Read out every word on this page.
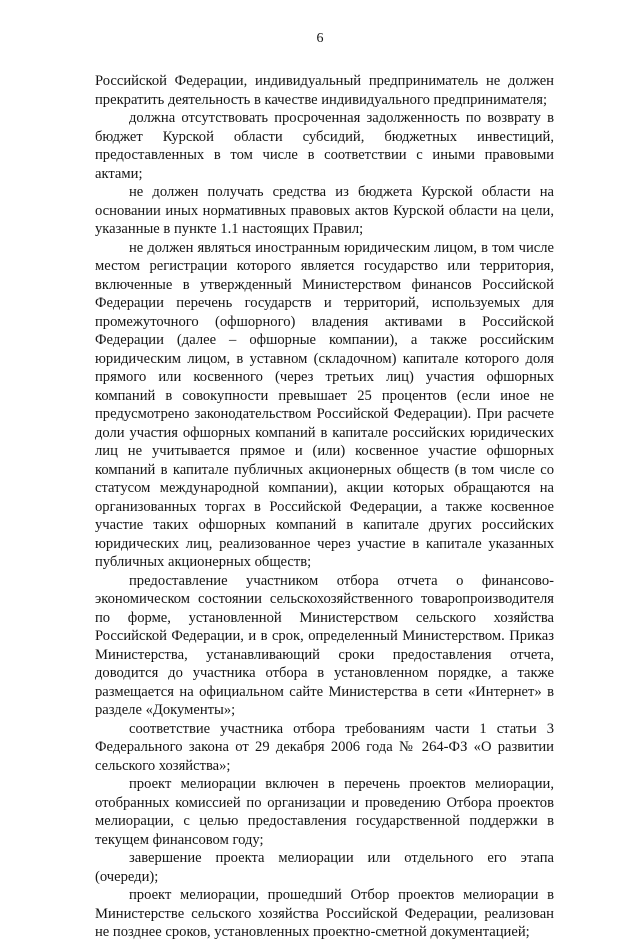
6

Российской Федерации, индивидуальный предприниматель не должен прекратить деятельность в качестве индивидуального предпринимателя;

должна отсутствовать просроченная задолженность по возврату в бюджет Курской области субсидий, бюджетных инвестиций, предоставленных в том числе в соответствии с иными правовыми актами;

не должен получать средства из бюджета Курской области на основании иных нормативных правовых актов Курской области на цели, указанные в пункте 1.1 настоящих Правил;

не должен являться иностранным юридическим лицом, в том числе местом регистрации которого является государство или территория, включенные в утвержденный Министерством финансов Российской Федерации перечень государств и территорий, используемых для промежуточного (офшорного) владения активами в Российской Федерации (далее – офшорные компании), а также российским юридическим лицом, в уставном (складочном) капитале которого доля прямого или косвенного (через третьих лиц) участия офшорных компаний в совокупности превышает 25 процентов (если иное не предусмотрено законодательством Российской Федерации). При расчете доли участия офшорных компаний в капитале российских юридических лиц не учитывается прямое и (или) косвенное участие офшорных компаний в капитале публичных акционерных обществ (в том числе со статусом международной компании), акции которых обращаются на организованных торгах в Российской Федерации, а также косвенное участие таких офшорных компаний в капитале других российских юридических лиц, реализованное через участие в капитале указанных публичных акционерных обществ;

предоставление участником отбора отчета о финансово-экономическом состоянии сельскохозяйственного товаропроизводителя по форме, установленной Министерством сельского хозяйства Российской Федерации, и в срок, определенный Министерством. Приказ Министерства, устанавливающий сроки предоставления отчета, доводится до участника отбора в установленном порядке, а также размещается на официальном сайте Министерства в сети «Интернет» в разделе «Документы»;

соответствие участника отбора требованиям части 1 статьи 3 Федерального закона от 29 декабря 2006 года № 264-ФЗ «О развитии сельского хозяйства»;

проект мелиорации включен в перечень проектов мелиорации, отобранных комиссией по организации и проведению Отбора проектов мелиорации, с целью предоставления государственной поддержки в текущем финансовом году;

завершение проекта мелиорации или отдельного его этапа (очереди);

проект мелиорации, прошедший Отбор проектов мелиорации в Министерстве сельского хозяйства Российской Федерации, реализован не позднее сроков, установленных проектно-сметной документацией;
